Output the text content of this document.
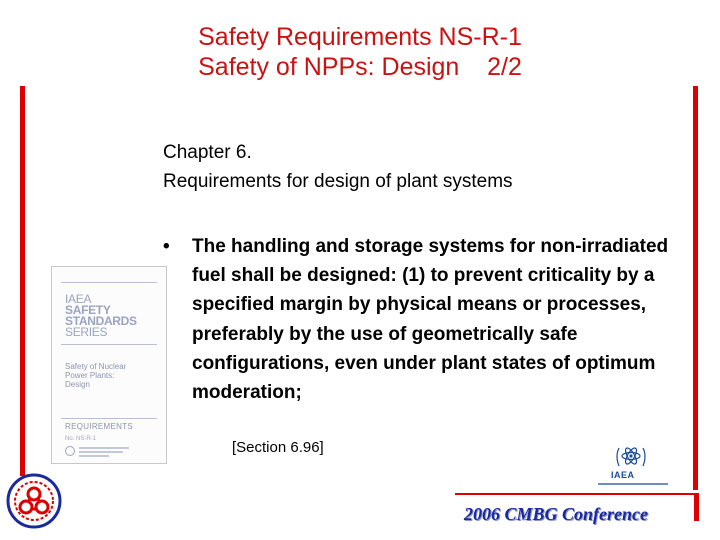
Safety Requirements NS-R-1
Safety of NPPs: Design    2/2
Chapter 6.
Requirements for design of plant systems
• The handling and storage systems for non-irradiated fuel shall be designed: (1) to prevent criticality by a specified margin by physical means or processes, preferably by the use of geometrically safe configurations, even under plant states of optimum moderation;
[Section 6.96]
IAEA
SAFETY
STANDARDS
SERIES
Safety of Nuclear
Power Plants:
Design
REQUIREMENTS
No. NS-R-1
IAEA
2006 CMBG Conference
